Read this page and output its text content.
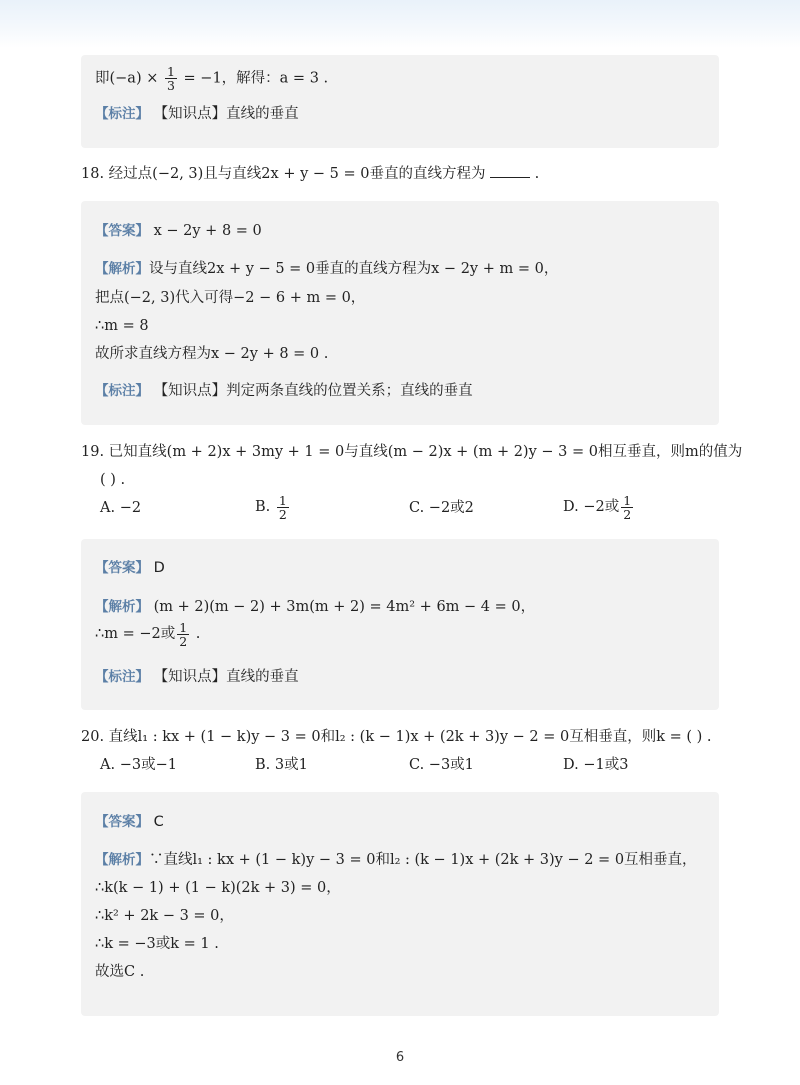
即$(-a) \times \frac{1}{3} = -1$，解得：a = 3 .
【标注】 【知识点】直线的垂直
18. 经过点(−2, 3)且与直线2x + y − 5 = 0垂直的直线方程为	.
【答案】 x − 2y + 8 = 0
【解析】设与直线2x + y − 5 = 0垂直的直线方程为x − 2y + m = 0，
把点(−2, 3)代入可得−2 − 6 + m = 0，
∴m = 8
故所求直线方程为x − 2y + 8 = 0 .
【标注】 【知识点】判定两条直线的位置关系；直线的垂直
19. 已知直线(m + 2)x + 3my + 1 = 0与直线(m − 2)x + (m + 2)y − 3 = 0相互垂直，则m的值为
( ) .
A. −2	B. $\frac{1}{2}$	C. −2或2	D. −2或 $\frac{1}{2}$
【答案】 D
【解析】 (m + 2)(m − 2) + 3m(m + 2) = 4m² + 6m − 4 = 0，
∴m = −2或 $\frac{1}{2}$ .
【标注】 【知识点】直线的垂直
20. 直线l₁ : kx + (1 − k)y − 3 = 0和l₂ : (k − 1)x + (2k + 3)y − 2 = 0互相垂直，则k = ( ) .
A. −3或−1	B. 3或1	C. −3或1	D. −1或3
【答案】 C
【解析】∵直线l₁ : kx + (1 − k)y − 3 = 0和l₂ : (k − 1)x + (2k + 3)y − 2 = 0互相垂直，
∴k(k − 1) + (1 − k)(2k + 3) = 0，
∴k² + 2k − 3 = 0，
∴k = −3或k = 1 .
故选C .
6
